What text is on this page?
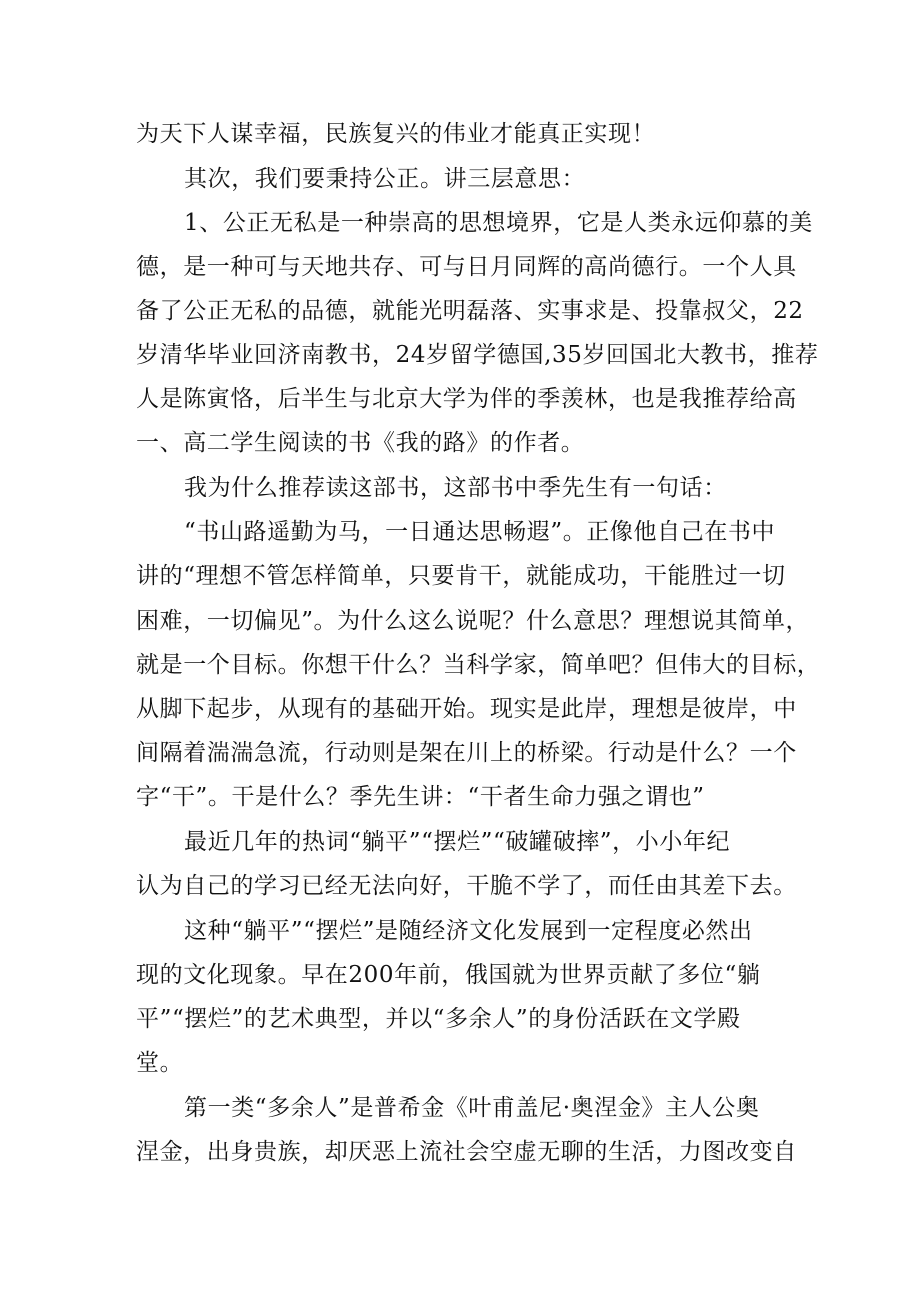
为天下人谋幸福，民族复兴的伟业才能真正实现！
其次，我们要秉持公正。讲三层意思：
1、公正无私是一种崇高的思想境界，它是人类永远仰慕的美
德，是一种可与天地共存、可与日月同辉的高尚德行。一个人具
备了公正无私的品德，就能光明磊落、实事求是、投靠叔父，22
岁清华毕业回济南教书，24岁留学德国,35岁回国北大教书，推荐
人是陈寅恪，后半生与北京大学为伴的季羡林，也是我推荐给高
一、高二学生阅读的书《我的路》的作者。
我为什么推荐读这部书，这部书中季先生有一句话：
“书山路遥勤为马，一日通达思畅遐”。正像他自己在书中
讲的“理想不管怎样简单，只要肯干，就能成功，干能胜过一切
困难，一切偏见”。为什么这么说呢？什么意思？理想说其简单，
就是一个目标。你想干什么？当科学家，简单吧？但伟大的目标，
从脚下起步，从现有的基础开始。现实是此岸，理想是彼岸，中
间隔着湍湍急流，行动则是架在川上的桥梁。行动是什么？一个
字“干”。干是什么？季先生讲：“干者生命力强之谓也”
最近几年的热词“躺平”“摆烂”“破罐破摔”，小小年纪
认为自己的学习已经无法向好，干脆不学了，而任由其差下去。
这种“躺平”“摆烂”是随经济文化发展到一定程度必然出
现的文化现象。早在200年前，俄国就为世界贡献了多位“躺
平”“摆烂”的艺术典型，并以“多余人”的身份活跃在文学殿
堂。
第一类“多余人”是普希金《叶甫盖尼·奥涅金》主人公奥
涅金，出身贵族，却厌恶上流社会空虚无聊的生活，力图改变自
